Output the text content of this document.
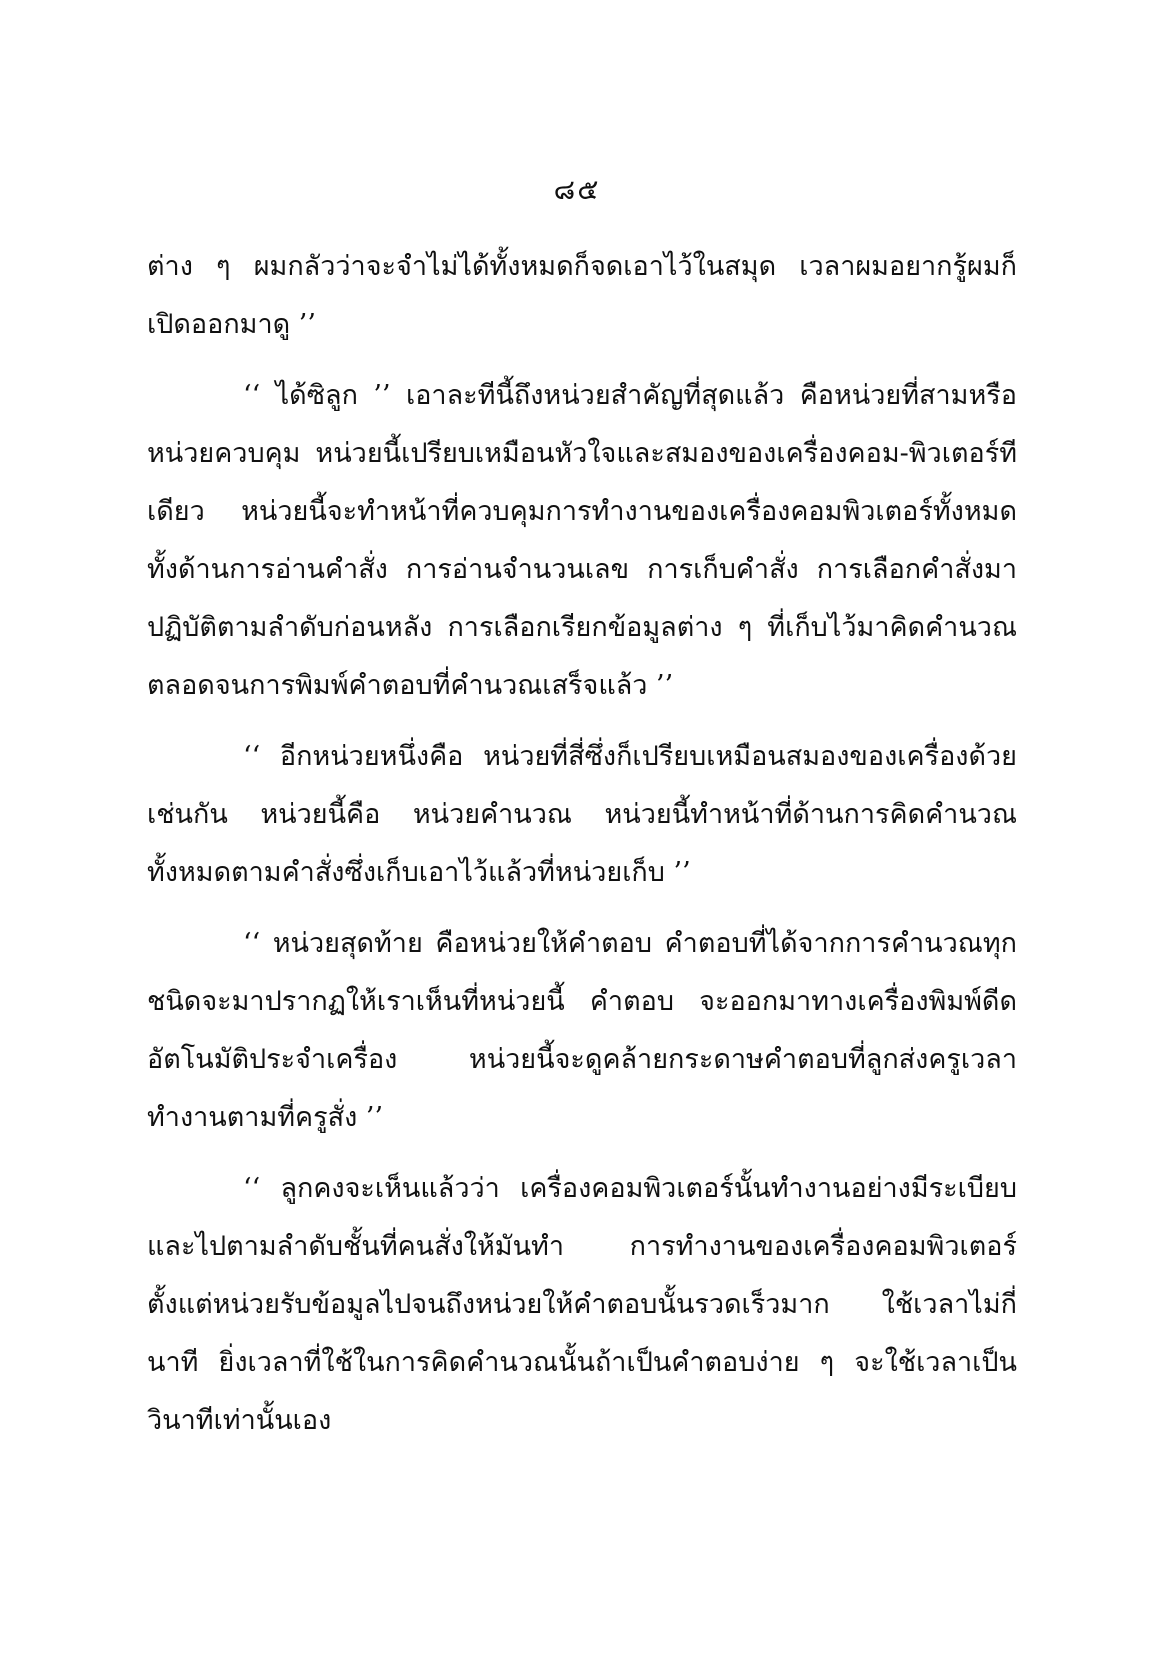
๘๕

ต่าง ๆ ผมกลัวว่าจะจำไม่ได้ทั้งหมดก็จดเอาไว้ในสมุด เวลาผมอยากรู้ผมก็เปิดออกมาดู ’’

‘‘ ได้ซิลูก ’’ เอาละทีนี้ถึงหน่วยสำคัญที่สุดแล้ว คือหน่วยที่สามหรือหน่วยควบคุม หน่วยนี้เปรียบเหมือนหัวใจและสมองของเครื่องคอม-พิวเตอร์ทีเดียว หน่วยนี้จะทำหน้าที่ควบคุมการทำงานของเครื่องคอมพิวเตอร์ทั้งหมดทั้งด้านการอ่านคำสั่ง การอ่านจำนวนเลข การเก็บคำสั่ง การเลือกคำสั่งมาปฏิบัติตามลำดับก่อนหลัง การเลือกเรียกข้อมูลต่าง ๆ ที่เก็บไว้มาคิดคำนวณ ตลอดจนการพิมพ์คำตอบที่คำนวณเสร็จแล้ว ’’

‘‘ อีกหน่วยหนึ่งคือ หน่วยที่สี่ซึ่งก็เปรียบเหมือนสมองของเครื่องด้วยเช่นกัน หน่วยนี้คือ หน่วยคำนวณ หน่วยนี้ทำหน้าที่ด้านการคิดคำนวณทั้งหมดตามคำสั่งซึ่งเก็บเอาไว้แล้วที่หน่วยเก็บ ’’

‘‘ หน่วยสุดท้าย คือหน่วยให้คำตอบ คำตอบที่ได้จากการคำนวณทุกชนิดจะมาปรากฏให้เราเห็นที่หน่วยนี้ คำตอบ จะออกมาทางเครื่องพิมพ์ดีดอัตโนมัติประจำเครื่อง หน่วยนี้จะดูคล้ายกระดาษคำตอบที่ลูกส่งครูเวลาทำงานตามที่ครูสั่ง ’’

‘‘ ลูกคงจะเห็นแล้วว่า เครื่องคอมพิวเตอร์นั้นทำงานอย่างมีระเบียบและไปตามลำดับชั้นที่คนสั่งให้มันทำ การทำงานของเครื่องคอมพิวเตอร์ตั้งแต่หน่วยรับข้อมูลไปจนถึงหน่วยให้คำตอบนั้นรวดเร็วมาก ใช้เวลาไม่กี่นาที ยิ่งเวลาที่ใช้ในการคิดคำนวณนั้นถ้าเป็นคำตอบง่าย ๆ จะใช้เวลาเป็นวินาทีเท่านั้นเอง
